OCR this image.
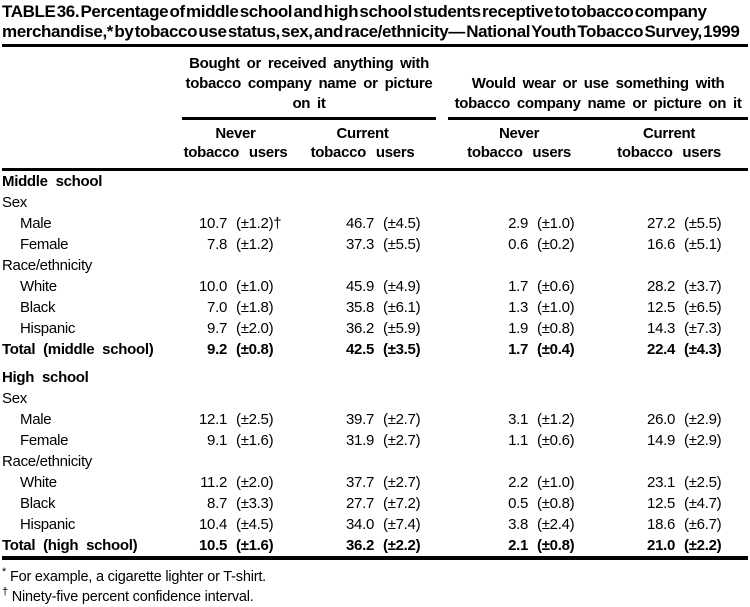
TABLE 36. Percentage of middle school and high school students receptive to tobacco company merchandise,* by tobacco use status, sex, and race/ethnicity— National Youth Tobacco Survey, 1999
	Bought or received anything with tobacco company name or picture on it					Would wear or use something with tobacco company name or picture on it			
	Never
tobacco users		Current
tobacco users			Never
tobacco users		Current
tobacco users	
Middle school									
Sex									
Male	10.7	(±1.2)†	46.7	(±4.5)		2.9	(±1.0)	27.2	(±5.5)
Female	7.8	(±1.2)	37.3	(±5.5)		0.6	(±0.2)	16.6	(±5.1)
Race/ethnicity									
White	10.0	(±1.0)	45.9	(±4.9)		1.7	(±0.6)	28.2	(±3.7)
Black	7.0	(±1.8)	35.8	(±6.1)		1.3	(±1.0)	12.5	(±6.5)
Hispanic	9.7	(±2.0)	36.2	(±5.9)		1.9	(±0.8)	14.3	(±7.3)
Total (middle school)	9.2	(±0.8)	42.5	(±3.5)		1.7	(±0.4)	22.4	(±4.3)

High school									
Sex									
Male	12.1	(±2.5)	39.7	(±2.7)		3.1	(±1.2)	26.0	(±2.9)
Female	9.1	(±1.6)	31.9	(±2.7)		1.1	(±0.6)	14.9	(±2.9)
Race/ethnicity									
White	11.2	(±2.0)	37.7	(±2.7)		2.2	(±1.0)	23.1	(±2.5)
Black	8.7	(±3.3)	27.7	(±7.2)		0.5	(±0.8)	12.5	(±4.7)
Hispanic	10.4	(±4.5)	34.0	(±7.4)		3.8	(±2.4)	18.6	(±6.7)
Total (high school)	10.5	(±1.6)	36.2	(±2.2)		2.1	(±0.8)	21.0	(±2.2)
* For example, a cigarette lighter or T-shirt.
† Ninety-five percent confidence interval.
